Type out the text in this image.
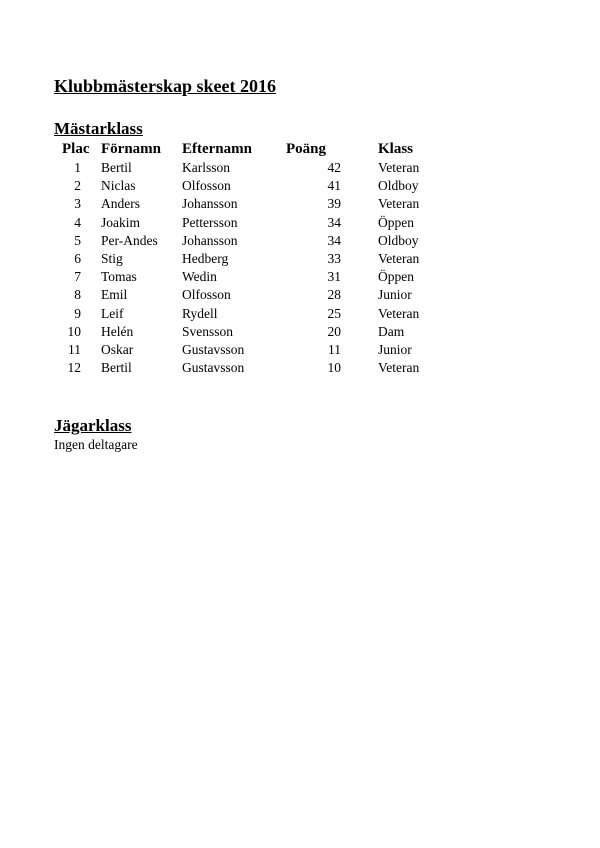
Klubbmästerskap skeet 2016
Mästarklass
Plac	Förnamn	Efternamn	Poäng		Klass
1	Bertil	Karlsson	42		Veteran
2	Niclas	Olfosson	41		Oldboy
3	Anders	Johansson	39		Veteran
4	Joakim	Pettersson	34		Öppen
5	Per-Andes	Johansson	34		Oldboy
6	Stig	Hedberg	33		Veteran
7	Tomas	Wedin	31		Öppen
8	Emil	Olfosson	28		Junior
9	Leif	Rydell	25		Veteran
10	Helén	Svensson	20		Dam
11	Oskar	Gustavsson	11		Junior
12	Bertil	Gustavsson	10		Veteran
Jägarklass

Ingen deltagare
